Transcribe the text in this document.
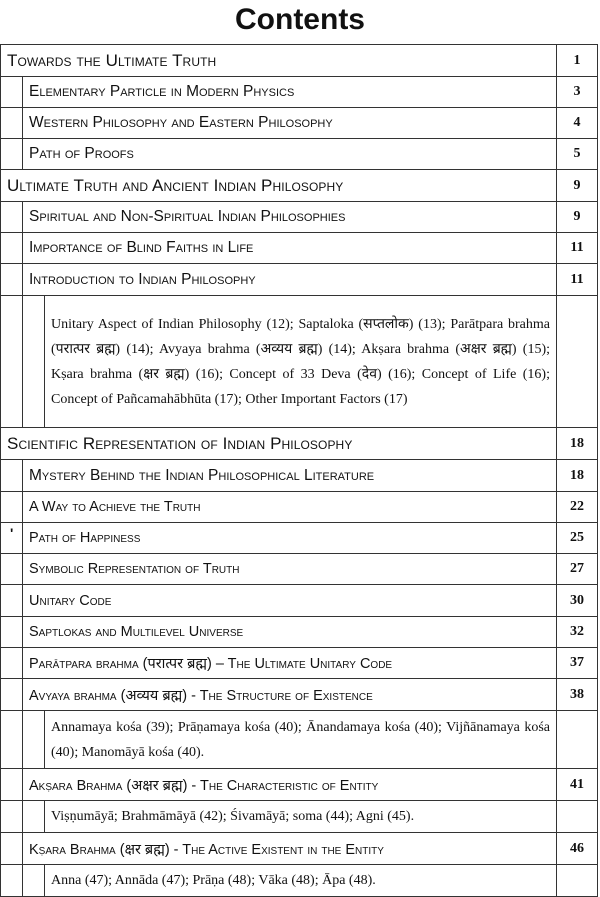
Contents
Towards the Ultimate Truth			1
	Elementary Particle in Modern Physics		3
	Western Philosophy and Eastern Philosophy		4
	Path of Proofs		5
Ultimate Truth and Ancient Indian Philosophy			9
	Spiritual and Non-Spiritual Indian Philosophies		9
	Importance of Blind Faiths in Life		11
	Introduction to Indian Philosophy		11
		Unitary Aspect of Indian Philosophy (12); Saptaloka (सप्तलोक) (13); Parātpara brahma (परात्पर ब्रह्म) (14); Avyaya brahma (अव्यय ब्रह्म) (14); Akṣara brahma (अक्षर ब्रह्म) (15); Kṣara brahma (क्षर ब्रह्म) (16); Concept of 33 Deva (देव) (16); Concept of Life (16); Concept of Pañcamahābhūta (17); Other Important Factors (17)	
Scientific Representation of Indian Philosophy			18
	Mystery Behind the Indian Philosophical Literature		18
	A Way to Achieve the Truth		22

'	Path of Happiness		25
	Symbolic Representation of Truth		27
	Unitary Code		30
	Saptlokas and Multilevel Universe		32
	Parātpara brahma (परात्पर ब्रह्म) – The Ultimate Unitary Code		37
	Avyaya brahma (अव्यय ब्रह्म) - The Structure of Existence		38
		Annamaya kośa (39); Prāṇamaya kośa (40); Ānandamaya kośa (40); Vijñānamaya kośa (40); Manomāyā kośa (40).	
	Akṣara Brahma (अक्षर ब्रह्म) - The Characteristic of Entity		41
		Viṣṇumāyā; Brahmāmāyā (42); Śivamāyā; soma (44); Agni (45).	
	Kṣara Brahma (क्षर ब्रह्म) - The Active Existent in the Entity		46
		Anna (47); Annāda (47); Prāṇa (48); Vāka (48); Āpa (48).	
